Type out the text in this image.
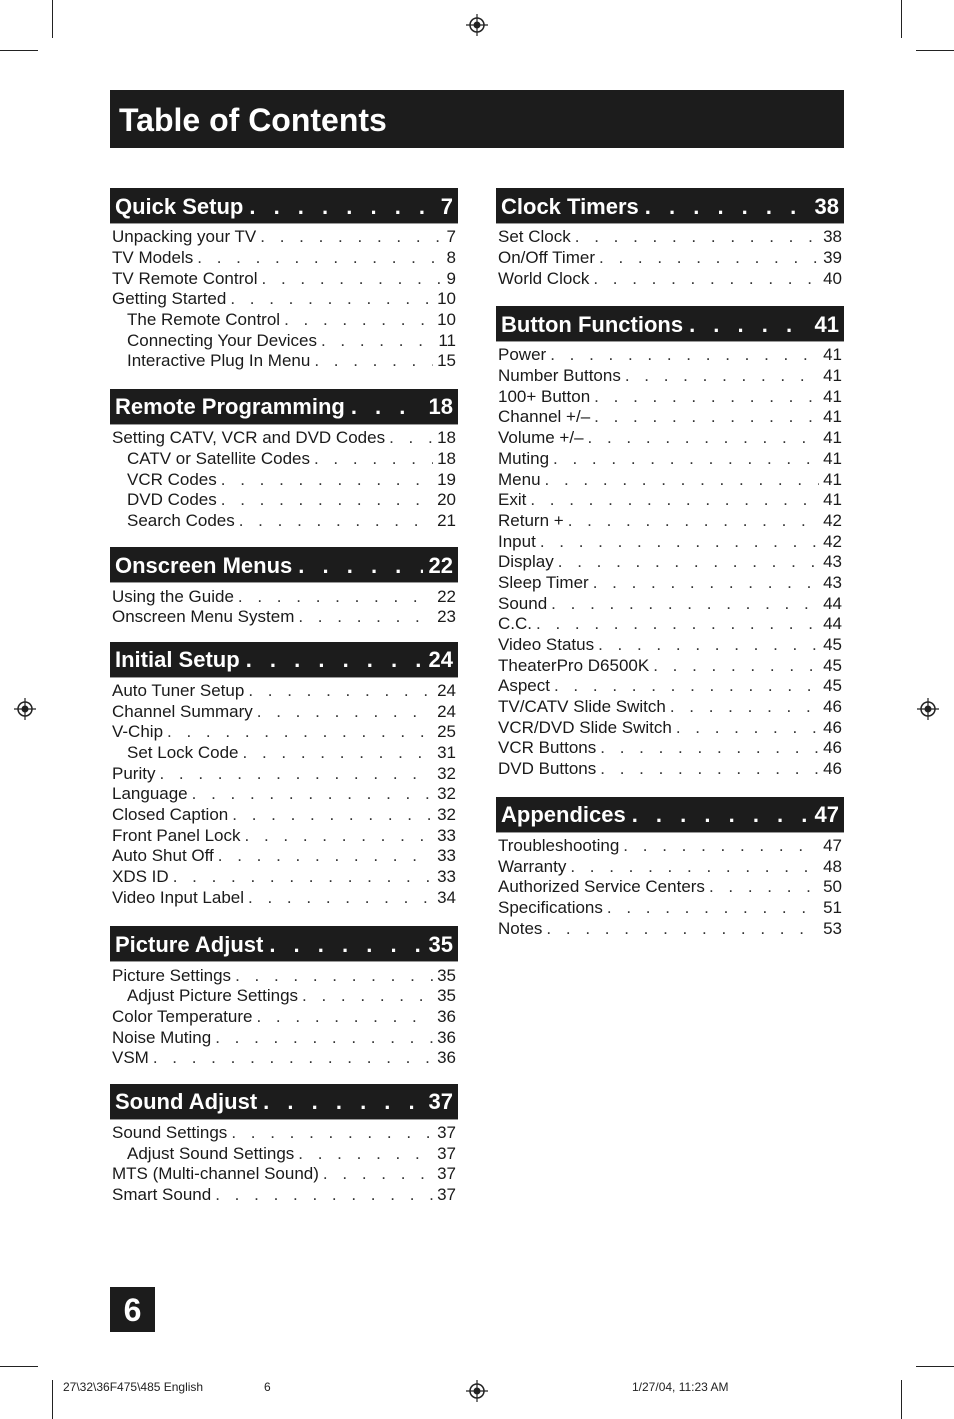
Table of Contents
Quick Setup . . .	7
Unpacking your TV . . .	7
TV Models . . .	8
TV Remote Control . . .	9
Getting Started . . .	10
The Remote Control . . .	10
Connecting Your Devices . . .	11
Interactive Plug In Menu . . .	15
Remote Programming . . .	18
Setting CATV, VCR and DVD Codes . . .	18
CATV or Satellite Codes . . .	18
VCR Codes . . .	19
DVD Codes . . .	20
Search Codes . . .	21
Onscreen Menus . . .	22
Using the Guide . . .	22
Onscreen Menu System . . .	23
Initial Setup . . .	24
Auto Tuner Setup . . .	24
Channel Summary . . .	24
V-Chip . . .	25
Set Lock Code . . .	31
Purity . . .	32
Language . . .	32
Closed Caption . . .	32
Front Panel Lock . . .	33
Auto Shut Off . . .	33
XDS ID . . .	33
Video Input Label . . .	34
Picture Adjust . . .	35
Picture Settings . . .	35
Adjust Picture Settings . . .	35
Color Temperature . . .	36
Noise Muting . . .	36
VSM . . .	36
Sound Adjust . . .	37
Sound Settings . . .	37
Adjust Sound Settings . . .	37
MTS (Multi-channel Sound) . . .	37
Smart Sound . . .	37
Clock Timers . . .	38
Set Clock . . .	38
On/Off Timer . . .	39
World Clock . . .	40
Button Functions . . .	41
Power . . .	41
Number Buttons . . .	41
100+ Button . . .	41
Channel +/– . . .	41
Volume +/– . . .	41
Muting . . .	41
Menu . . .	41
Exit . . .	41
Return + . . .	42
Input . . .	42
Display . . .	43
Sleep Timer . . .	43
Sound . . .	44
C.C. . . .	44
Video Status . . .	45
TheaterPro D6500K . . .	45
Aspect . . .	45
TV/CATV Slide Switch . . .	46
VCR/DVD Slide Switch . . .	46
VCR Buttons . . .	46
DVD Buttons . . .	46
Appendices . . .	47
Troubleshooting . . .	47
Warranty . . .	48
Authorized Service Centers . . .	50
Specifications . . .	51
Notes . . .	53
6
27\32\36F475\485 English	6	1/27/04, 11:23 AM
